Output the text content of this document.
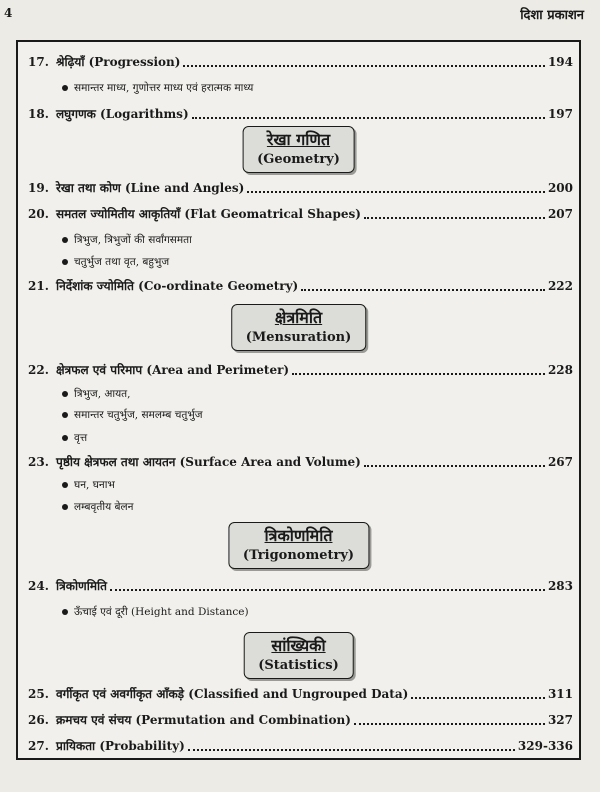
4	दिशा प्रकाशन
17. श्रेढ़ियाँ (Progression)	194
समान्तर माध्य, गुणोत्तर माध्य एवं हरात्मक माध्य
18. लघुगणक (Logarithms)	197
रेखा गणित
(Geometry)
19. रेखा तथा कोण (Line and Angles)	200
20. समतल ज्योमितीय आकृतियाँ (Flat Geomatrical Shapes)	207
त्रिभुज, त्रिभुजों की सर्वांगसमता
चतुर्भुज तथा वृत, बहुभुज
21. निर्देशांक ज्योमिति (Co-ordinate Geometry)	222
क्षेत्रमिति
(Mensuration)
22. क्षेत्रफल एवं परिमाप (Area and Perimeter)	228
त्रिभुज, आयत,
समान्तर चतुर्भुज, समलम्ब चतुर्भुज
वृत्त
23. पृष्ठीय क्षेत्रफल तथा आयतन (Surface Area and Volume)	267
घन, घनाभ
लम्बवृतीय बेलन
त्रिकोणमिति
(Trigonometry)
24. त्रिकोणमिति	283
ऊँचाई एवं दूरी (Height and Distance)
सांख्यिकी
(Statistics)
25. वर्गीकृत एवं अवर्गीकृत आँकड़े (Classified and Ungrouped Data)	311
26. क्रमचय एवं संचय (Permutation and Combination)	327
27. प्रायिकता (Probability)	329-336
